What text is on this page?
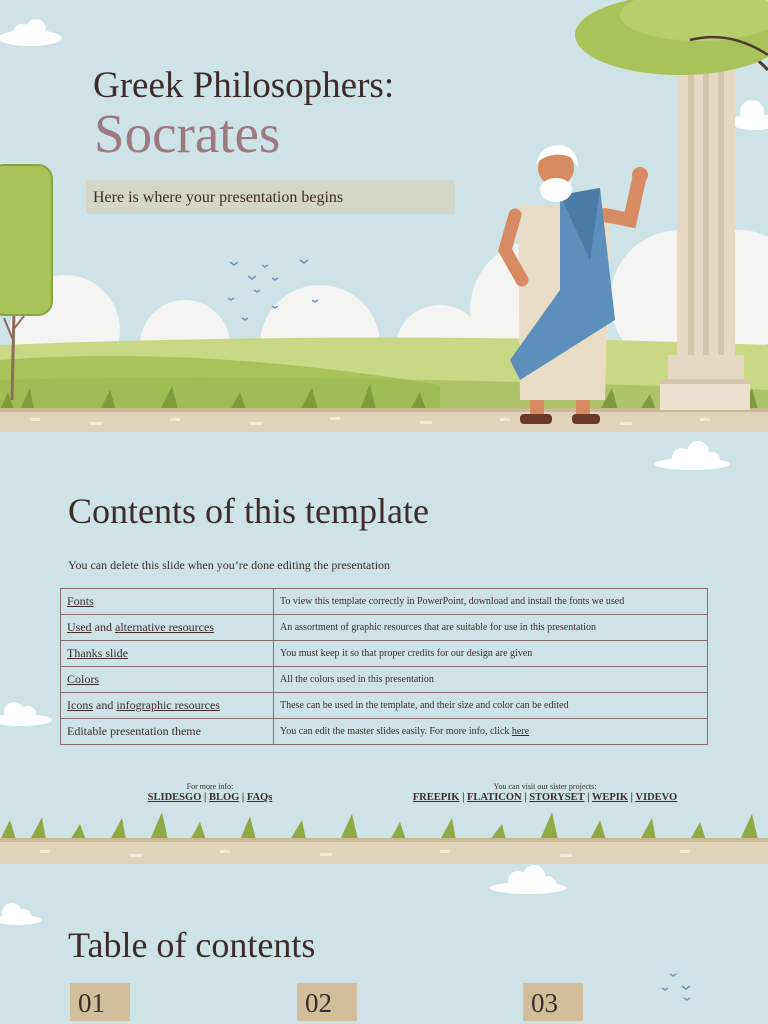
Greek Philosophers:
Socrates
Here is where your presentation begins
Contents of this template
You can delete this slide when you’re done editing the presentation
Fonts	To view this template correctly in PowerPoint, download and install the fonts we used
Used and alternative resources	An assortment of graphic resources that are suitable for use in this presentation
Thanks slide	You must keep it so that proper credits for our design are given
Colors	All the colors used in this presentation
Icons and infographic resources	These can be used in the template, and their size and color can be edited
Editable presentation theme	You can edit the master slides easily. For more info, click here
For more info:
SLIDESGO | BLOG | FAQs
You can visit our sister projects:
FREEPIK | FLATICON | STORYSET | WEPIK | VIDEVO
Table of contents
01	02	03
